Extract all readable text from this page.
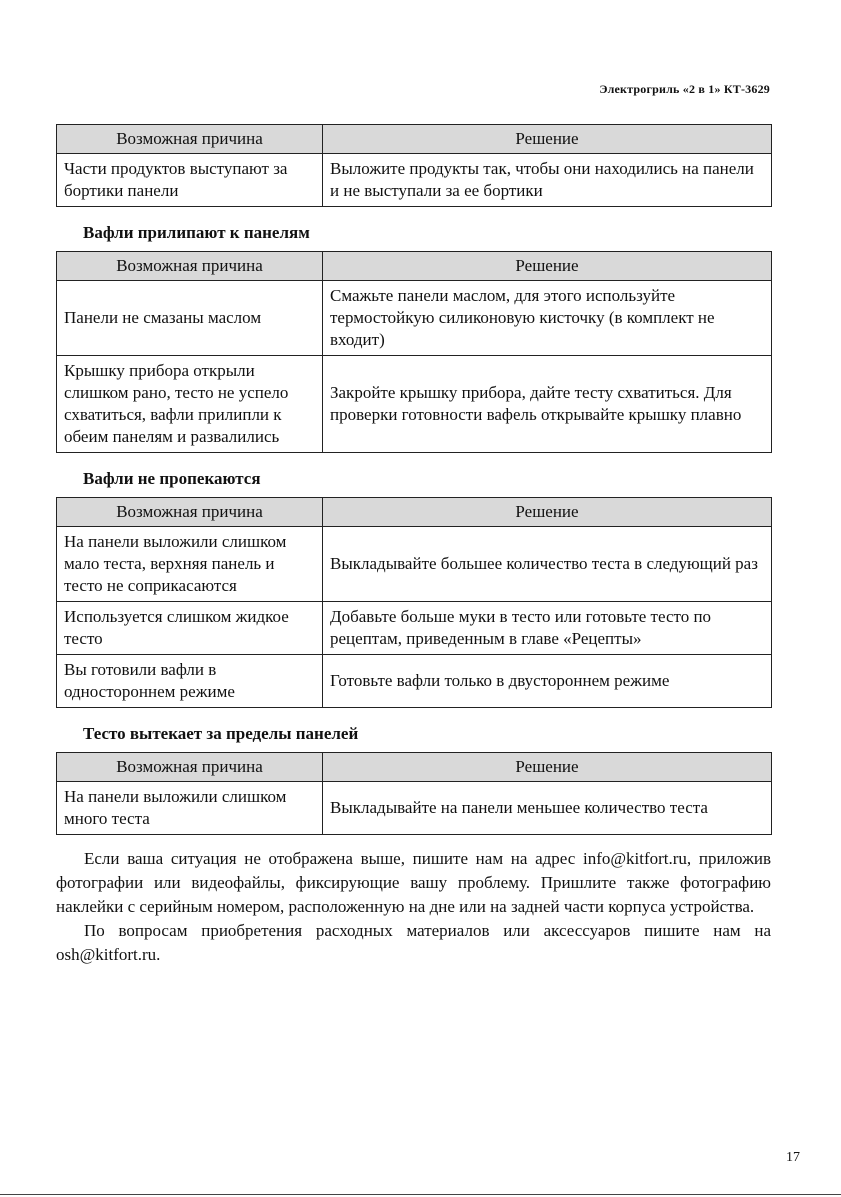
Электрогриль «2 в 1» КТ-3629
Возможная причина	Решение
Части продуктов выступают за бортики панели	Выложите продукты так, чтобы они находились на панели и не выступали за ее бортики
Вафли прилипают к панелям
Возможная причина	Решение
Панели не смазаны маслом	Смажьте панели маслом, для этого используйте термостойкую силиконовую кисточку (в комплект не входит)
Крышку прибора открыли слишком рано, тесто не успело схватиться, вафли прилипли к обеим панелям и развалились	Закройте крышку прибора, дайте тесту схватиться. Для проверки готовности вафель открывайте крышку плавно
Вафли не пропекаются
Возможная причина	Решение
На панели выложили слишком мало теста, верхняя панель и тесто не соприкасаются	Выкладывайте большее количество теста в следующий раз
Используется слишком жидкое тесто	Добавьте больше муки в тесто или готовьте тесто по рецептам, приведенным в главе «Рецепты»
Вы готовили вафли в одностороннем режиме	Готовьте вафли только в двустороннем режиме
Тесто вытекает за пределы панелей
Возможная причина	Решение
На панели выложили слишком много теста	Выкладывайте на панели меньшее количество теста

Если ваша ситуация не отображена выше, пишите нам на адрес info@kitfort.ru, приложив фотографии или видеофайлы, фиксирующие вашу проблему. Пришлите также фотографию наклейки с серийным номером, расположенную на дне или на задней части корпуса устройства.

По вопросам приобретения расходных материалов или аксессуаров пишите нам на osh@kitfort.ru.

17
